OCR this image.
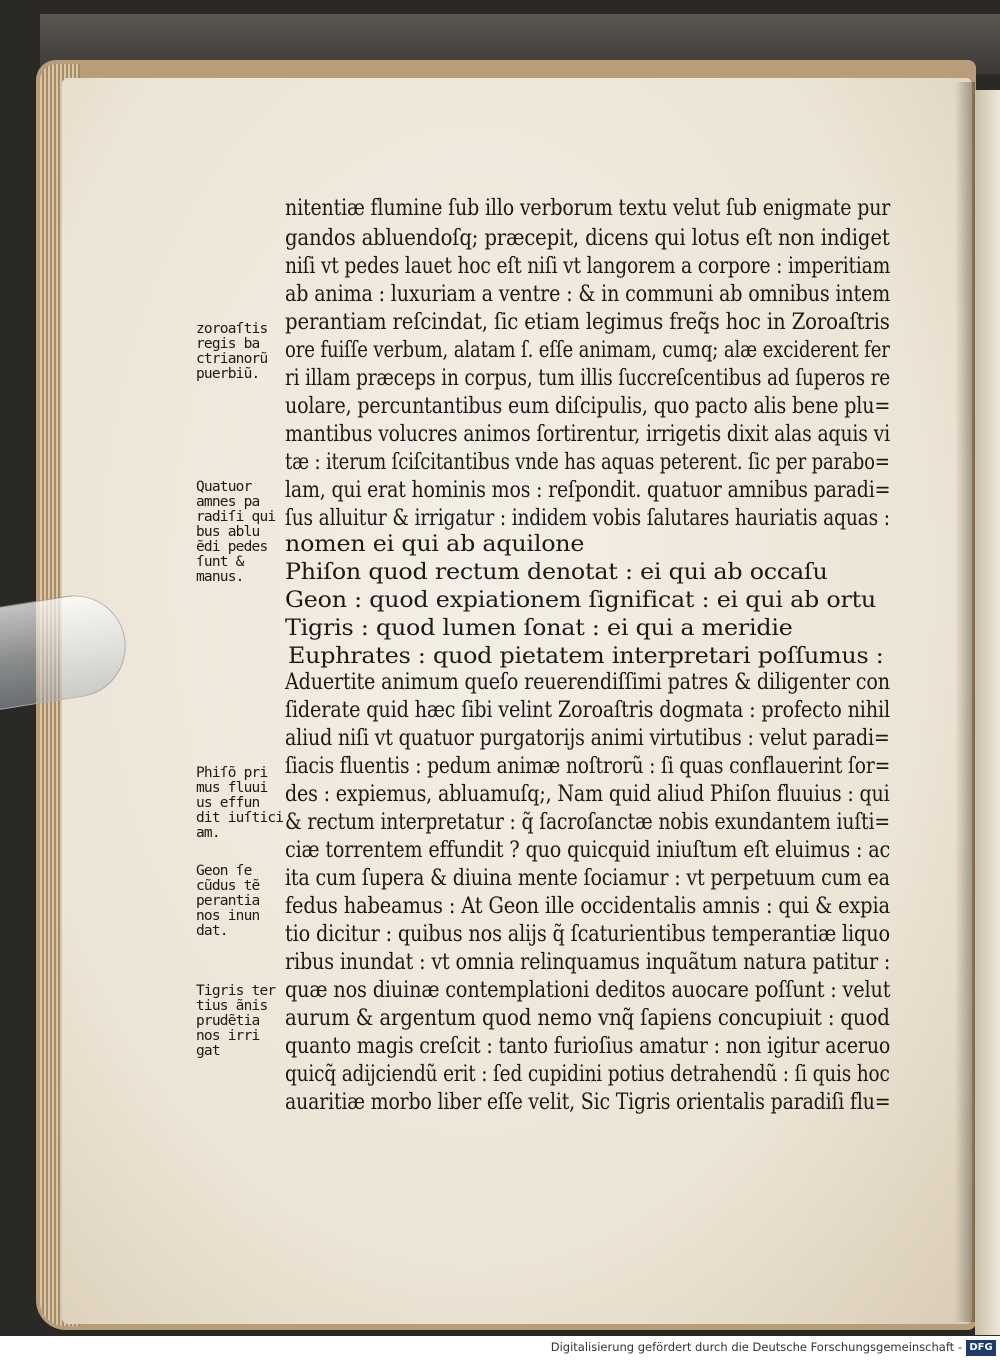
nitentiæ flumine ſub illo verborum textu velut ſub enigmate pur
gandos abluendoſq; præcepit, dicens qui lotus eſt non indiget
niſi vt pedes lauet hoc eſt niſi vt langorem a corpore : imperitiam
ab anima : luxuriam a ventre : & in communi ab omnibus intem
perantiam reſcindat, ſic etiam legimus freq̃s hoc in Zoroaſtris
ore fuiſſe verbum, alatam ſ. eſſe animam, cumq; alæ exciderent fer
ri illam præceps in corpus, tum illis ſuccreſcentibus ad ſuperos re
uolare, percuntantibus eum diſcipulis, quo pacto alis bene plu=
mantibus volucres animos ſortirentur, irrigetis dixit alas aquis vi
tæ : iterum ſciſcitantibus vnde has aquas peterent. ſic per parabo=
lam, qui erat hominis mos : reſpondit. quatuor amnibus paradi=
ſus alluitur & irrigatur : indidem vobis ſalutares hauriatis aquas :
nomen ei qui ab aquilone
Phiſon quod rectum denotat : ei qui ab occaſu
Geon : quod expiationem ſignificat : ei qui ab ortu
Tigris : quod lumen ſonat : ei qui a meridie
Euphrates : quod pietatem interpretari poſſumus :
Aduertite animum queſo reuerendiſſimi patres & diligenter con
ſiderate quid hæc ſibi velint Zoroaſtris dogmata : profecto nihil
aliud niſi vt quatuor purgatorijs animi virtutibus : velut paradi=
ſiacis fluentis : pedum animæ noſtrorũ : ſi quas conflauerint ſor=
des : expiemus, abluamuſq;, Nam quid aliud Phiſon fluuius : qui
& rectum interpretatur : q̃ ſacroſanctæ nobis exundantem iuſti=
ciæ torrentem effundit ? quo quicquid iniuſtum eſt eluimus : ac
ita cum ſupera & diuina mente ſociamur : vt perpetuum cum ea
fedus habeamus : At Geon ille occidentalis amnis : qui & expia
tio dicitur : quibus nos alijs q̃ ſcaturientibus temperantiæ liquo
ribus inundat : vt omnia relinquamus inquãtum natura patitur :
quæ nos diuinæ contemplationi deditos auocare poſſunt : velut
aurum & argentum quod nemo vnq̃ ſapiens concupiuit : quod
quanto magis creſcit : tanto furioſius amatur : non igitur aceruo
quicq̃ adijciendũ erit : ſed cupidini potius detrahendũ : ſi quis hoc
auaritiæ morbo liber eſſe velit, Sic Tigris orientalis paradiſi flu=
zoroaſtis
regis ba
ctrianorũ
puerbiũ.
Quatuor
amnes pa
radiſi qui
bus ablu
ẽdi pedes
ſunt &
manus.
Phiſõ pri
mus fluui
us effun
dit iuſtici
am.
Geon ſe
cũdus tẽ
perantia
nos inun
dat.
Tigris ter
tius ãnis
prudẽtia
nos irri
gat
Digitalisierung gefördert durch die Deutsche Forschungsgemeinschaft - DFG
